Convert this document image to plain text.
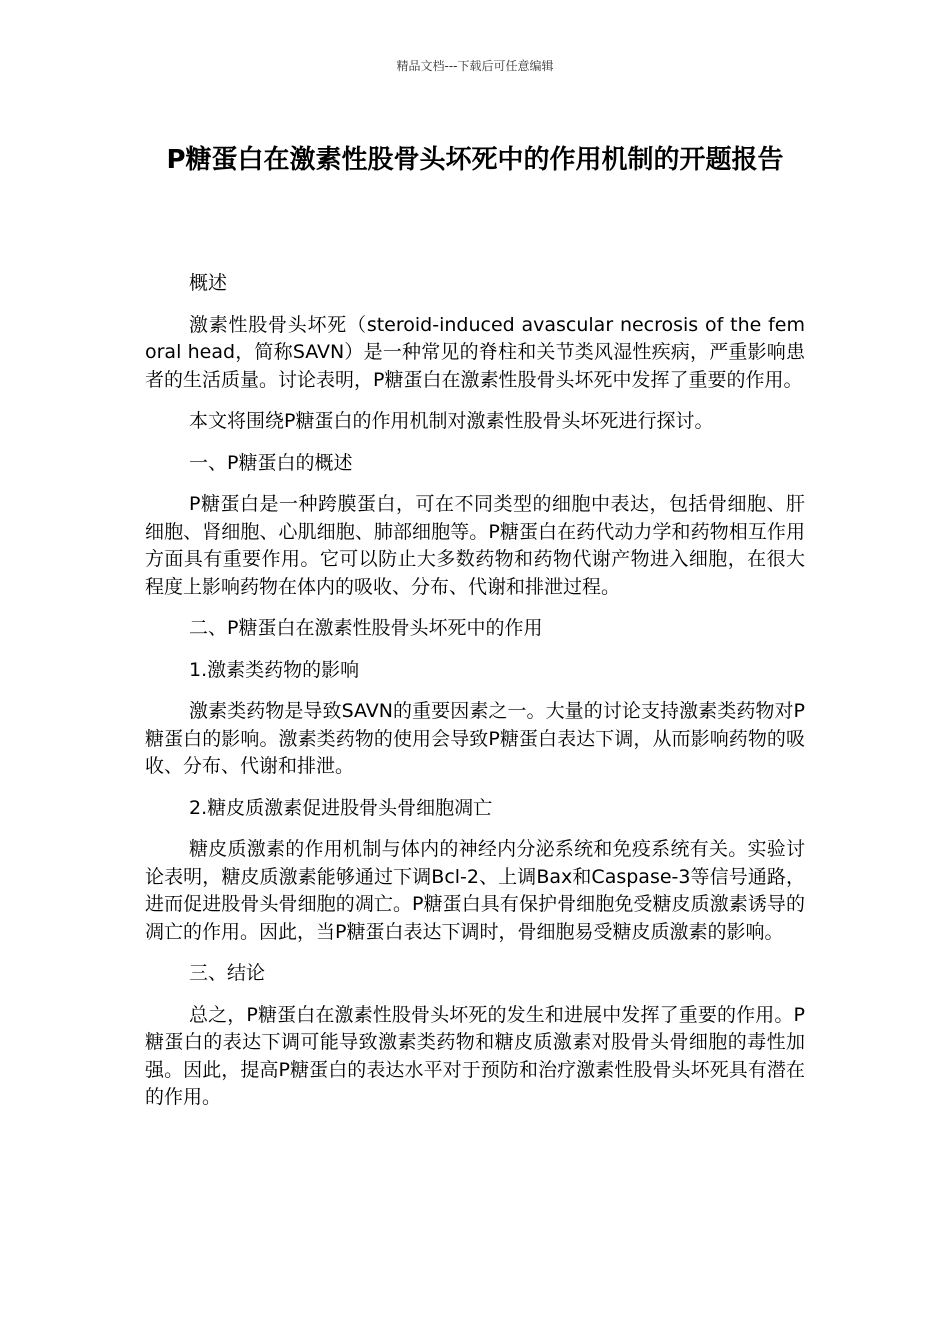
精品文档---下载后可任意编辑
P糖蛋白在激素性股骨头坏死中的作用机制的开题报告

概述

激素性股骨头坏死（steroid-induced avascular necrosis of the femoral head，简称SAVN）是一种常见的脊柱和关节类风湿性疾病，严重影响患者的生活质量。讨论表明，P糖蛋白在激素性股骨头坏死中发挥了重要的作用。

本文将围绕P糖蛋白的作用机制对激素性股骨头坏死进行探讨。

一、P糖蛋白的概述

P糖蛋白是一种跨膜蛋白，可在不同类型的细胞中表达，包括骨细胞、肝细胞、肾细胞、心肌细胞、肺部细胞等。P糖蛋白在药代动力学和药物相互作用方面具有重要作用。它可以防止大多数药物和药物代谢产物进入细胞，在很大程度上影响药物在体内的吸收、分布、代谢和排泄过程。

二、P糖蛋白在激素性股骨头坏死中的作用

1.激素类药物的影响

激素类药物是导致SAVN的重要因素之一。大量的讨论支持激素类药物对P糖蛋白的影响。激素类药物的使用会导致P糖蛋白表达下调，从而影响药物的吸收、分布、代谢和排泄。

2.糖皮质激素促进股骨头骨细胞凋亡

糖皮质激素的作用机制与体内的神经内分泌系统和免疫系统有关。实验讨论表明，糖皮质激素能够通过下调Bcl-2、上调Bax和Caspase-3等信号通路，进而促进股骨头骨细胞的凋亡。P糖蛋白具有保护骨细胞免受糖皮质激素诱导的凋亡的作用。因此，当P糖蛋白表达下调时，骨细胞易受糖皮质激素的影响。

三、结论

总之，P糖蛋白在激素性股骨头坏死的发生和进展中发挥了重要的作用。P糖蛋白的表达下调可能导致激素类药物和糖皮质激素对股骨头骨细胞的毒性加强。因此，提高P糖蛋白的表达水平对于预防和治疗激素性股骨头坏死具有潜在的作用。
